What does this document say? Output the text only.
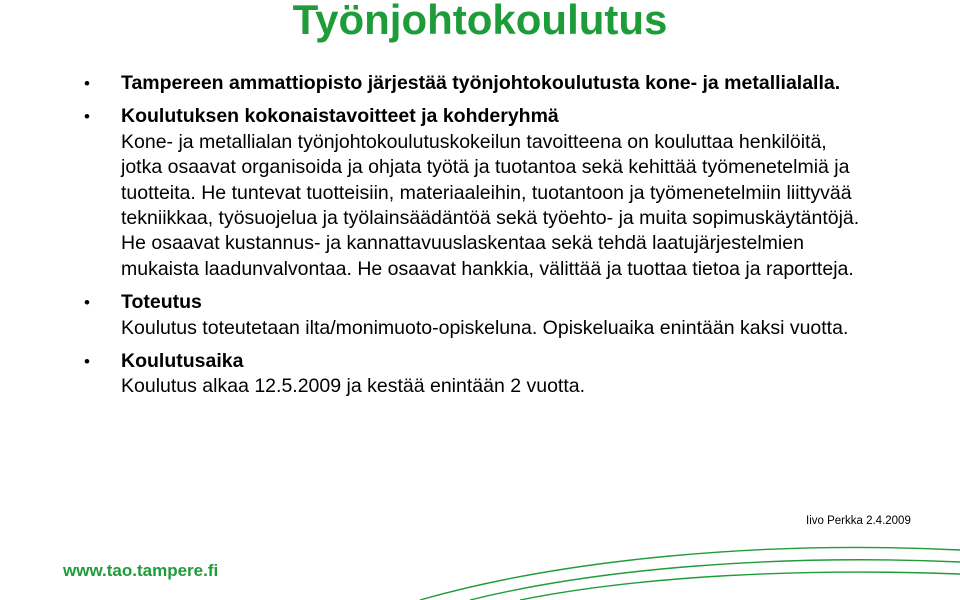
Työnjohtokoulutus
•	Tampereen ammattiopisto järjestää työnjohtokoulutusta kone- ja metallialalla.
•	Koulutuksen kokonaistavoitteet ja kohderyhmä
Kone- ja metallialan työnjohtokoulutuskokeilun tavoitteena on kouluttaa henkilöitä, jotka osaavat organisoida ja ohjata työtä ja tuotantoa sekä kehittää työmenetelmiä ja tuotteita. He tuntevat tuotteisiin, materiaaleihin, tuotantoon ja työmenetelmiin liittyvää tekniikkaa, työsuojelua ja työlainsäädäntöä sekä työehto- ja muita sopimuskäytäntöjä. He osaavat kustannus- ja kannattavuuslaskentaa sekä tehdä laatujärjestelmien mukaista laadunvalvontaa. He osaavat hankkia, välittää ja tuottaa tietoa ja raportteja.
•	Toteutus
Koulutus toteutetaan ilta/monimuoto-opiskeluna. Opiskeluaika enintään kaksi vuotta.
•	Koulutusaika
Koulutus alkaa 12.5.2009 ja kestää enintään 2 vuotta.
Iivo Perkka 2.4.2009
www.tao.tampere.fi
